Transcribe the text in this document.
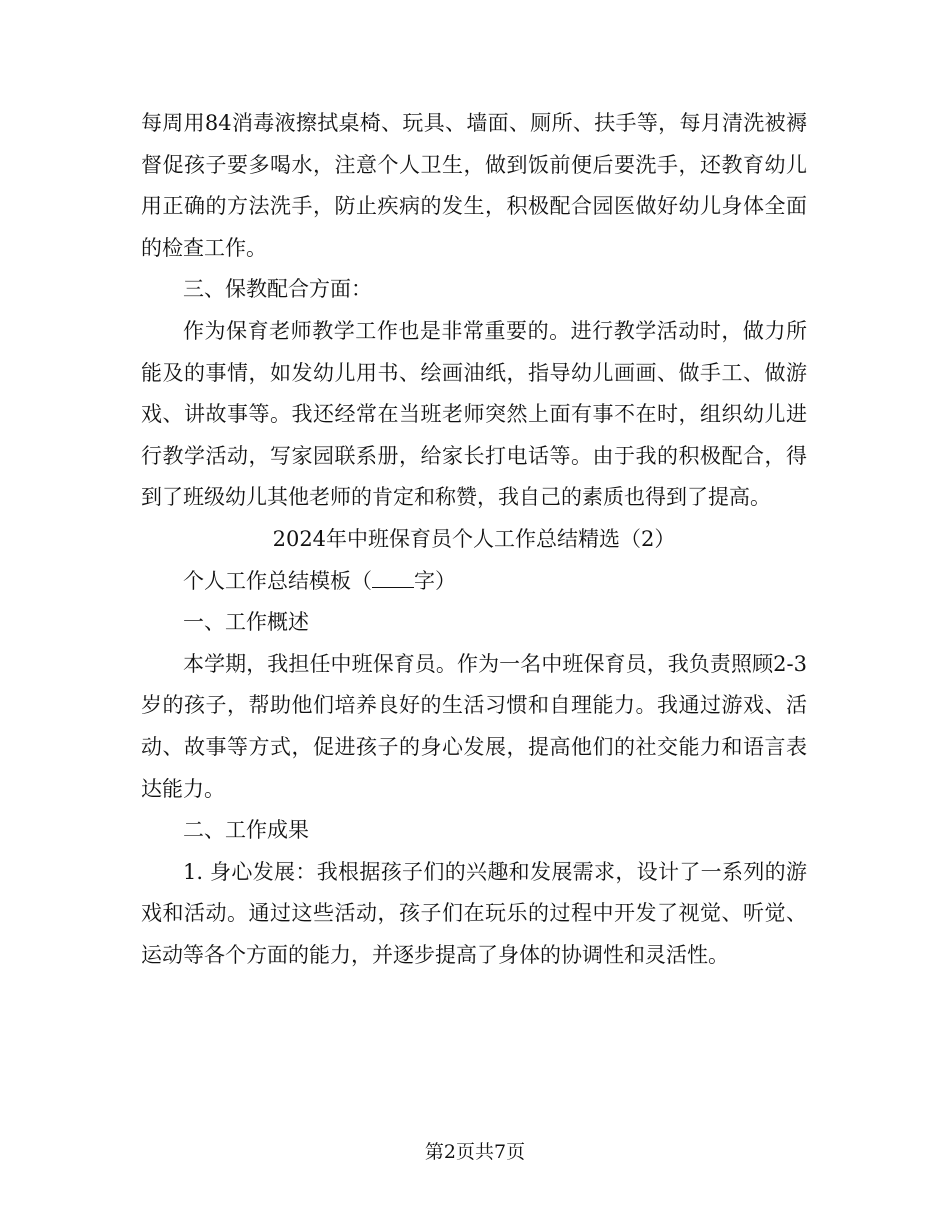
每周用84消毒液擦拭桌椅、玩具、墙面、厕所、扶手等，每月清洗被褥督促孩子要多喝水，注意个人卫生，做到饭前便后要洗手，还教育幼儿用正确的方法洗手，防止疾病的发生，积极配合园医做好幼儿身体全面的检查工作。

三、保教配合方面：

作为保育老师教学工作也是非常重要的。进行教学活动时，做力所能及的事情，如发幼儿用书、绘画油纸，指导幼儿画画、做手工、做游戏、讲故事等。我还经常在当班老师突然上面有事不在时，组织幼儿进行教学活动，写家园联系册，给家长打电话等。由于我的积极配合，得到了班级幼儿其他老师的肯定和称赞，我自己的素质也得到了提高。

2024年中班保育员个人工作总结精选（2）

个人工作总结模板（ 字）

一、工作概述

本学期，我担任中班保育员。作为一名中班保育员，我负责照顾2-3岁的孩子，帮助他们培养良好的生活习惯和自理能力。我通过游戏、活动、故事等方式，促进孩子的身心发展，提高他们的社交能力和语言表达能力。

二、工作成果

1. 身心发展：我根据孩子们的兴趣和发展需求，设计了一系列的游戏和活动。通过这些活动，孩子们在玩乐的过程中开发了视觉、听觉、运动等各个方面的能力，并逐步提高了身体的协调性和灵活性。

第2页共7页
